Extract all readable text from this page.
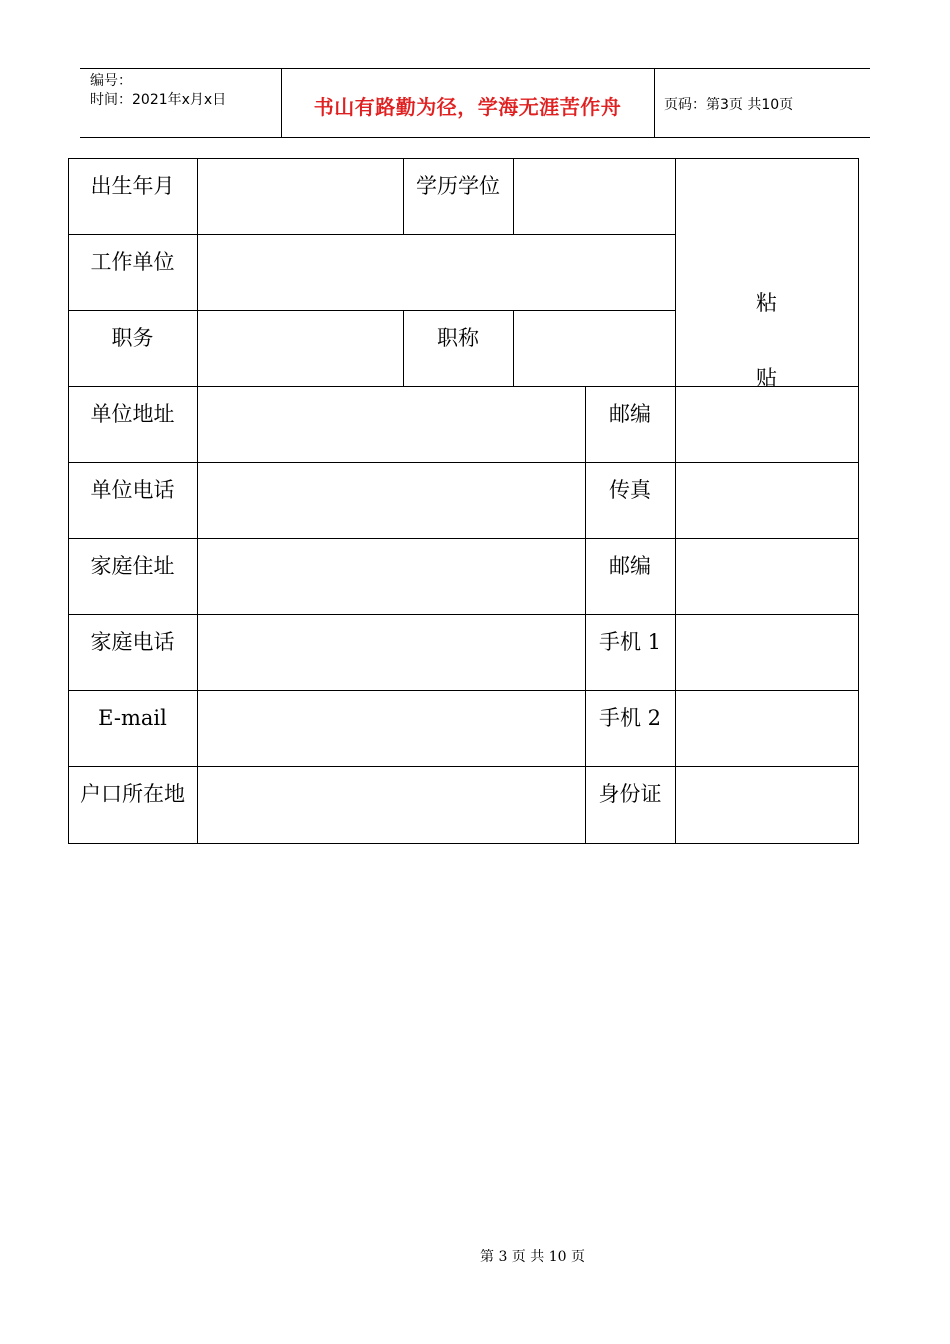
编号：
时间：2021年x月x日	书山有路勤为径，学海无涯苦作舟	页码：第3页 共10页
出生年月	学历学位
粘
贴
工作单位
职务	职称
单位地址	邮编
单位电话	传真
家庭住址	邮编
家庭电话	手机 1
E-mail	手机 2
户口所在地	身份证
第 3 页 共 10 页
